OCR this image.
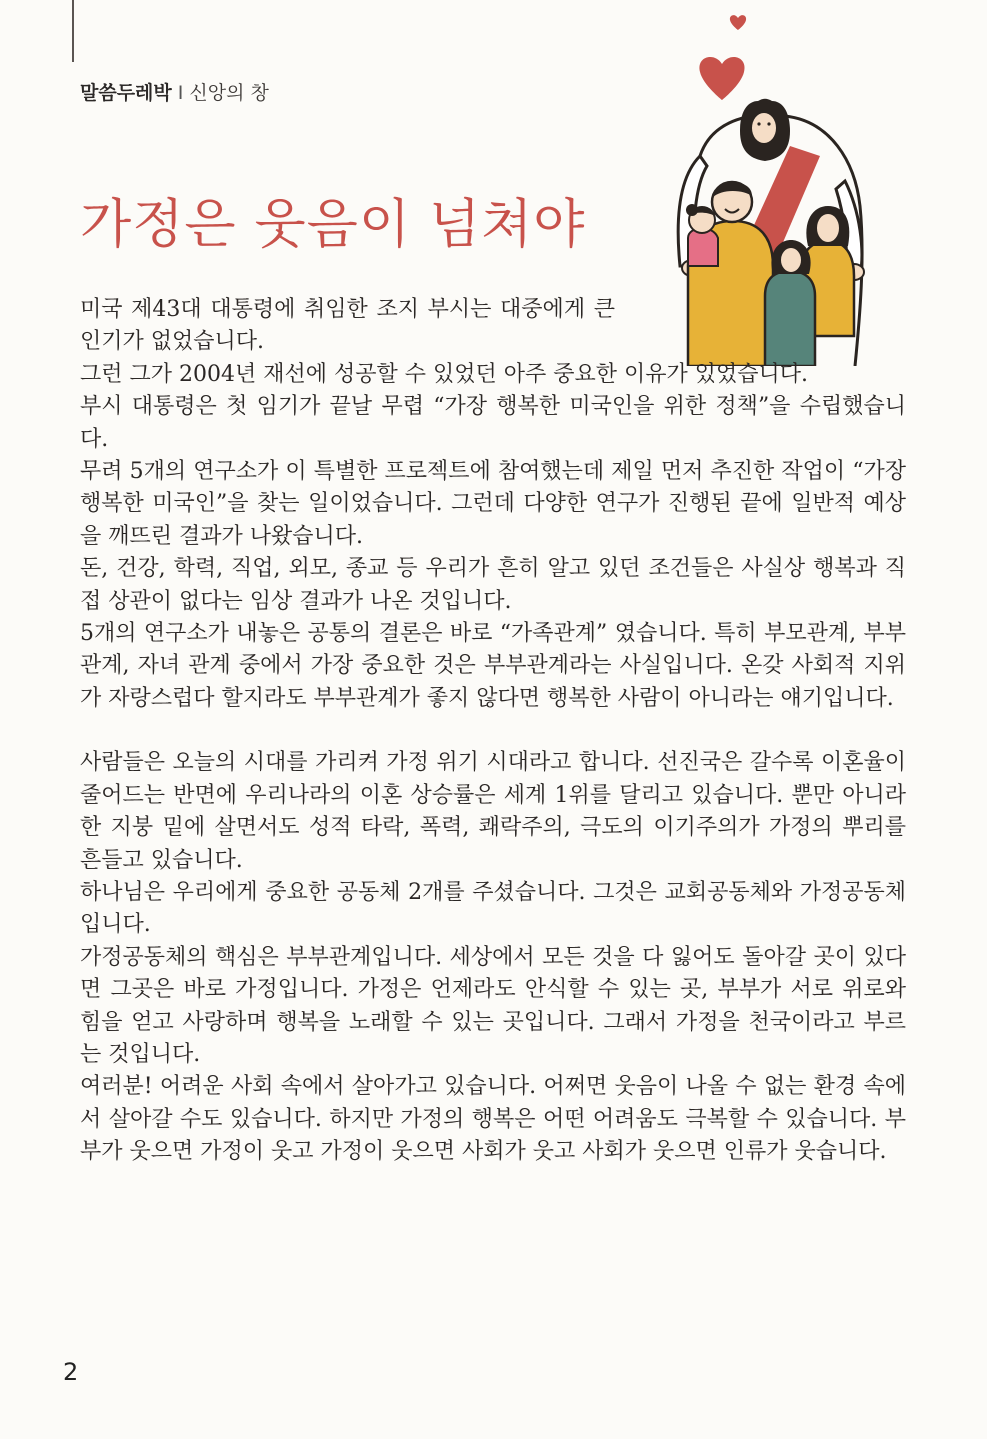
말씀두레박 I 신앙의 창
가정은 웃음이 넘쳐야

미국 제43대 대통령에 취임한 조지 부시는 대중에게 큰 인기가 없었습니다.

그런 그가 2004년 재선에 성공할 수 있었던 아주 중요한 이유가 있었습니다.

부시 대통령은 첫 임기가 끝날 무렵 “가장 행복한 미국인을 위한 정책”을 수립했습니다.

무려 5개의 연구소가 이 특별한 프로젝트에 참여했는데 제일 먼저 추진한 작업이 “가장 행복한 미국인”을 찾는 일이었습니다. 그런데 다양한 연구가 진행된 끝에 일반적 예상을 깨뜨린 결과가 나왔습니다.

돈, 건강, 학력, 직업, 외모, 종교 등 우리가 흔히 알고 있던 조건들은 사실상 행복과 직접 상관이 없다는 임상 결과가 나온 것입니다.

5개의 연구소가 내놓은 공통의 결론은 바로 “가족관계” 였습니다. 특히 부모관계, 부부관계, 자녀 관계 중에서 가장 중요한 것은 부부관계라는 사실입니다. 온갖 사회적 지위가 자랑스럽다 할지라도 부부관계가 좋지 않다면 행복한 사람이 아니라는 얘기입니다.

사람들은 오늘의 시대를 가리켜 가정 위기 시대라고 합니다. 선진국은 갈수록 이혼율이 줄어드는 반면에 우리나라의 이혼 상승률은 세계 1위를 달리고 있습니다. 뿐만 아니라 한 지붕 밑에 살면서도 성적 타락, 폭력, 쾌락주의, 극도의 이기주의가 가정의 뿌리를 흔들고 있습니다.

하나님은 우리에게 중요한 공동체 2개를 주셨습니다. 그것은 교회공동체와 가정공동체입니다.

가정공동체의 핵심은 부부관계입니다. 세상에서 모든 것을 다 잃어도 돌아갈 곳이 있다면 그곳은 바로 가정입니다. 가정은 언제라도 안식할 수 있는 곳, 부부가 서로 위로와 힘을 얻고 사랑하며 행복을 노래할 수 있는 곳입니다. 그래서 가정을 천국이라고 부르는 것입니다.

여러분! 어려운 사회 속에서 살아가고 있습니다. 어쩌면 웃음이 나올 수 없는 환경 속에서 살아갈 수도 있습니다. 하지만 가정의 행복은 어떤 어려움도 극복할 수 있습니다. 부부가 웃으면 가정이 웃고 가정이 웃으면 사회가 웃고 사회가 웃으면 인류가 웃습니다.

2
